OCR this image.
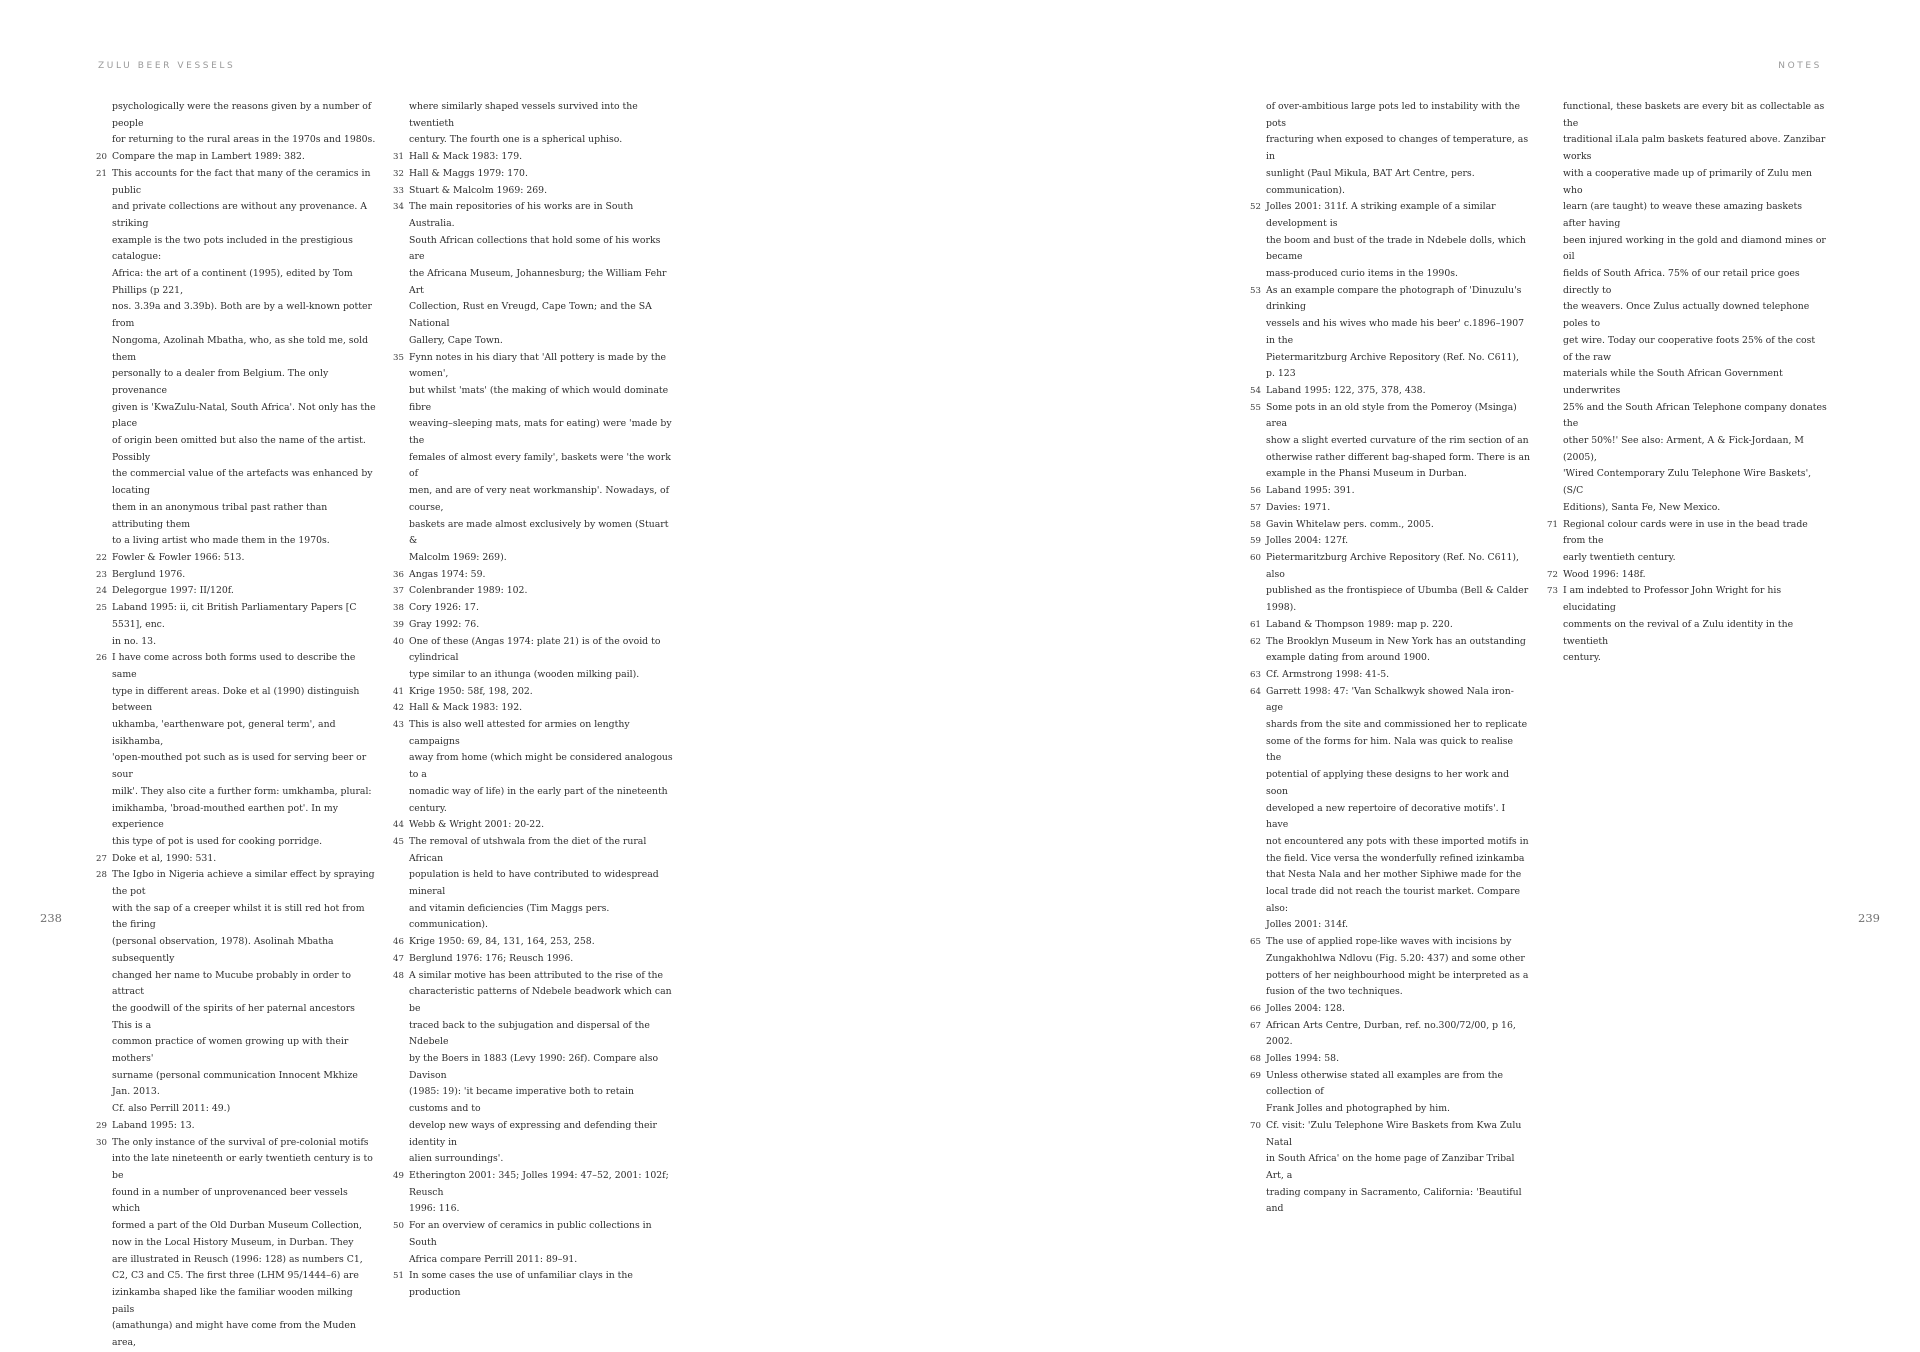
ZULU BEER VESSELS	NOTES

psychologically were the reasons given by a number of people
for returning to the rural areas in the 1970s and 1980s.
20 Compare the map in Lambert 1989: 382.
21 This accounts for the fact that many of the ceramics in public
and private collections are without any provenance. A striking
example is the two pots included in the prestigious catalogue:
Africa: the art of a continent (1995), edited by Tom Phillips (p 221,
nos. 3.39a and 3.39b). Both are by a well-known potter from
Nongoma, Azolinah Mbatha, who, as she told me, sold them
personally to a dealer from Belgium. The only provenance
given is 'KwaZulu-Natal, South Africa'. Not only has the place
of origin been omitted but also the name of the artist. Possibly
the commercial value of the artefacts was enhanced by locating
them in an anonymous tribal past rather than attributing them
to a living artist who made them in the 1970s.
22 Fowler & Fowler 1966: 513.
23 Berglund 1976.
24 Delegorgue 1997: II/120f.
25 Laband 1995: ii, cit British Parliamentary Papers [C 5531], enc.
in no. 13.
26 I have come across both forms used to describe the same
type in different areas. Doke et al (1990) distinguish between
ukhamba, 'earthenware pot, general term', and isikhamba,
'open-mouthed pot such as is used for serving beer or sour
milk'. They also cite a further form: umkhamba, plural:
imikhamba, 'broad-mouthed earthen pot'. In my experience
this type of pot is used for cooking porridge.
27 Doke et al, 1990: 531.
28 The Igbo in Nigeria achieve a similar effect by spraying the pot
with the sap of a creeper whilst it is still red hot from the firing
(personal observation, 1978). Asolinah Mbatha subsequently
changed her name to Mucube probably in order to attract
the goodwill of the spirits of her paternal ancestors This is a
common practice of women growing up with their mothers'
surname (personal communication Innocent Mkhize Jan. 2013.
Cf. also Perrill 2011: 49.)
29 Laband 1995: 13.
30 The only instance of the survival of pre-colonial motifs
into the late nineteenth or early twentieth century is to be
found in a number of unprovenanced beer vessels which
formed a part of the Old Durban Museum Collection,
now in the Local History Museum, in Durban. They
are illustrated in Reusch (1996: 128) as numbers C1,
C2, C3 and C5. The first three (LHM 95/1444–6) are
izinkamba shaped like the familiar wooden milking pails
(amathunga) and might have come from the Muden area,
where similarly shaped vessels survived into the twentieth
century. The fourth one is a spherical uphiso.
31 Hall & Mack 1983: 179.
32 Hall & Maggs 1979: 170.
33 Stuart & Malcolm 1969: 269.
34 The main repositories of his works are in South Australia.
South African collections that hold some of his works are
the Africana Museum, Johannesburg; the William Fehr Art
Collection, Rust en Vreugd, Cape Town; and the SA National
Gallery, Cape Town.
35 Fynn notes in his diary that 'All pottery is made by the women',
but whilst 'mats' (the making of which would dominate fibre
weaving–sleeping mats, mats for eating) were 'made by the
females of almost every family', baskets were 'the work of
men, and are of very neat workmanship'. Nowadays, of course,
baskets are made almost exclusively by women (Stuart &
Malcolm 1969: 269).
36 Angas 1974: 59.
37 Colenbrander 1989: 102.
38 Cory 1926: 17.
39 Gray 1992: 76.
40 One of these (Angas 1974: plate 21) is of the ovoid to cylindrical
type similar to an ithunga (wooden milking pail).
41 Krige 1950: 58f, 198, 202.
42 Hall & Mack 1983: 192.
43 This is also well attested for armies on lengthy campaigns
away from home (which might be considered analogous to a
nomadic way of life) in the early part of the nineteenth century.
44 Webb & Wright 2001: 20-22.
45 The removal of utshwala from the diet of the rural African
population is held to have contributed to widespread mineral
and vitamin deficiencies (Tim Maggs pers. communication).
46 Krige 1950: 69, 84, 131, 164, 253, 258.
47 Berglund 1976: 176; Reusch 1996.
48 A similar motive has been attributed to the rise of the
characteristic patterns of Ndebele beadwork which can be
traced back to the subjugation and dispersal of the Ndebele
by the Boers in 1883 (Levy 1990: 26f). Compare also Davison
(1985: 19): 'it became imperative both to retain customs and to
develop new ways of expressing and defending their identity in
alien surroundings'.
49 Etherington 2001: 345; Jolles 1994: 47–52, 2001: 102f; Reusch
1996: 116.
50 For an overview of ceramics in public collections in South
Africa compare Perrill 2011: 89–91.
51 In some cases the use of unfamiliar clays in the production
of over-ambitious large pots led to instability with the pots
fracturing when exposed to changes of temperature, as in
sunlight (Paul Mikula, BAT Art Centre, pers. communication).
52 Jolles 2001: 311f. A striking example of a similar development is
the boom and bust of the trade in Ndebele dolls, which became
mass-produced curio items in the 1990s.
53 As an example compare the photograph of 'Dinuzulu's drinking
vessels and his wives who made his beer' c.1896–1907 in the
Pietermaritzburg Archive Repository (Ref. No. C611), p. 123
54 Laband 1995: 122, 375, 378, 438.
55 Some pots in an old style from the Pomeroy (Msinga) area
show a slight everted curvature of the rim section of an
otherwise rather different bag-shaped form. There is an
example in the Phansi Museum in Durban.
56 Laband 1995: 391.
57 Davies: 1971.
58 Gavin Whitelaw pers. comm., 2005.
59 Jolles 2004: 127f.
60 Pietermaritzburg Archive Repository (Ref. No. C611), also
published as the frontispiece of Ubumba (Bell & Calder 1998).
61 Laband & Thompson 1989: map p. 220.
62 The Brooklyn Museum in New York has an outstanding
example dating from around 1900.
63 Cf. Armstrong 1998: 41-5.
64 Garrett 1998: 47: 'Van Schalkwyk showed Nala iron-age
shards from the site and commissioned her to replicate
some of the forms for him. Nala was quick to realise the
potential of applying these designs to her work and soon
developed a new repertoire of decorative motifs'. I have
not encountered any pots with these imported motifs in
the field. Vice versa the wonderfully refined izinkamba
that Nesta Nala and her mother Siphiwe made for the
local trade did not reach the tourist market. Compare also:
Jolles 2001: 314f.
65 The use of applied rope-like waves with incisions by
Zungakhohlwa Ndlovu (Fig. 5.20: 437) and some other
potters of her neighbourhood might be interpreted as a
fusion of the two techniques.
66 Jolles 2004: 128.
67 African Arts Centre, Durban, ref. no.300/72/00, p 16, 2002.
68 Jolles 1994: 58.
69 Unless otherwise stated all examples are from the collection of
Frank Jolles and photographed by him.
70 Cf. visit: 'Zulu Telephone Wire Baskets from Kwa Zulu Natal
in South Africa' on the home page of Zanzibar Tribal Art, a
trading company in Sacramento, California: 'Beautiful and
functional, these baskets are every bit as collectable as the
traditional iLala palm baskets featured above. Zanzibar works
with a cooperative made up of primarily of Zulu men who
learn (are taught) to weave these amazing baskets after having
been injured working in the gold and diamond mines or oil
fields of South Africa. 75% of our retail price goes directly to
the weavers. Once Zulus actually downed telephone poles to
get wire. Today our cooperative foots 25% of the cost of the raw
materials while the South African Government underwrites
25% and the South African Telephone company donates the
other 50%!' See also: Arment, A & Fick-Jordaan, M (2005),
'Wired Contemporary Zulu Telephone Wire Baskets', (S/C
Editions), Santa Fe, New Mexico.
71 Regional colour cards were in use in the bead trade from the
early twentieth century.
72 Wood 1996: 148f.
73 I am indebted to Professor John Wright for his elucidating
comments on the revival of a Zulu identity in the twentieth
century.

238	239
